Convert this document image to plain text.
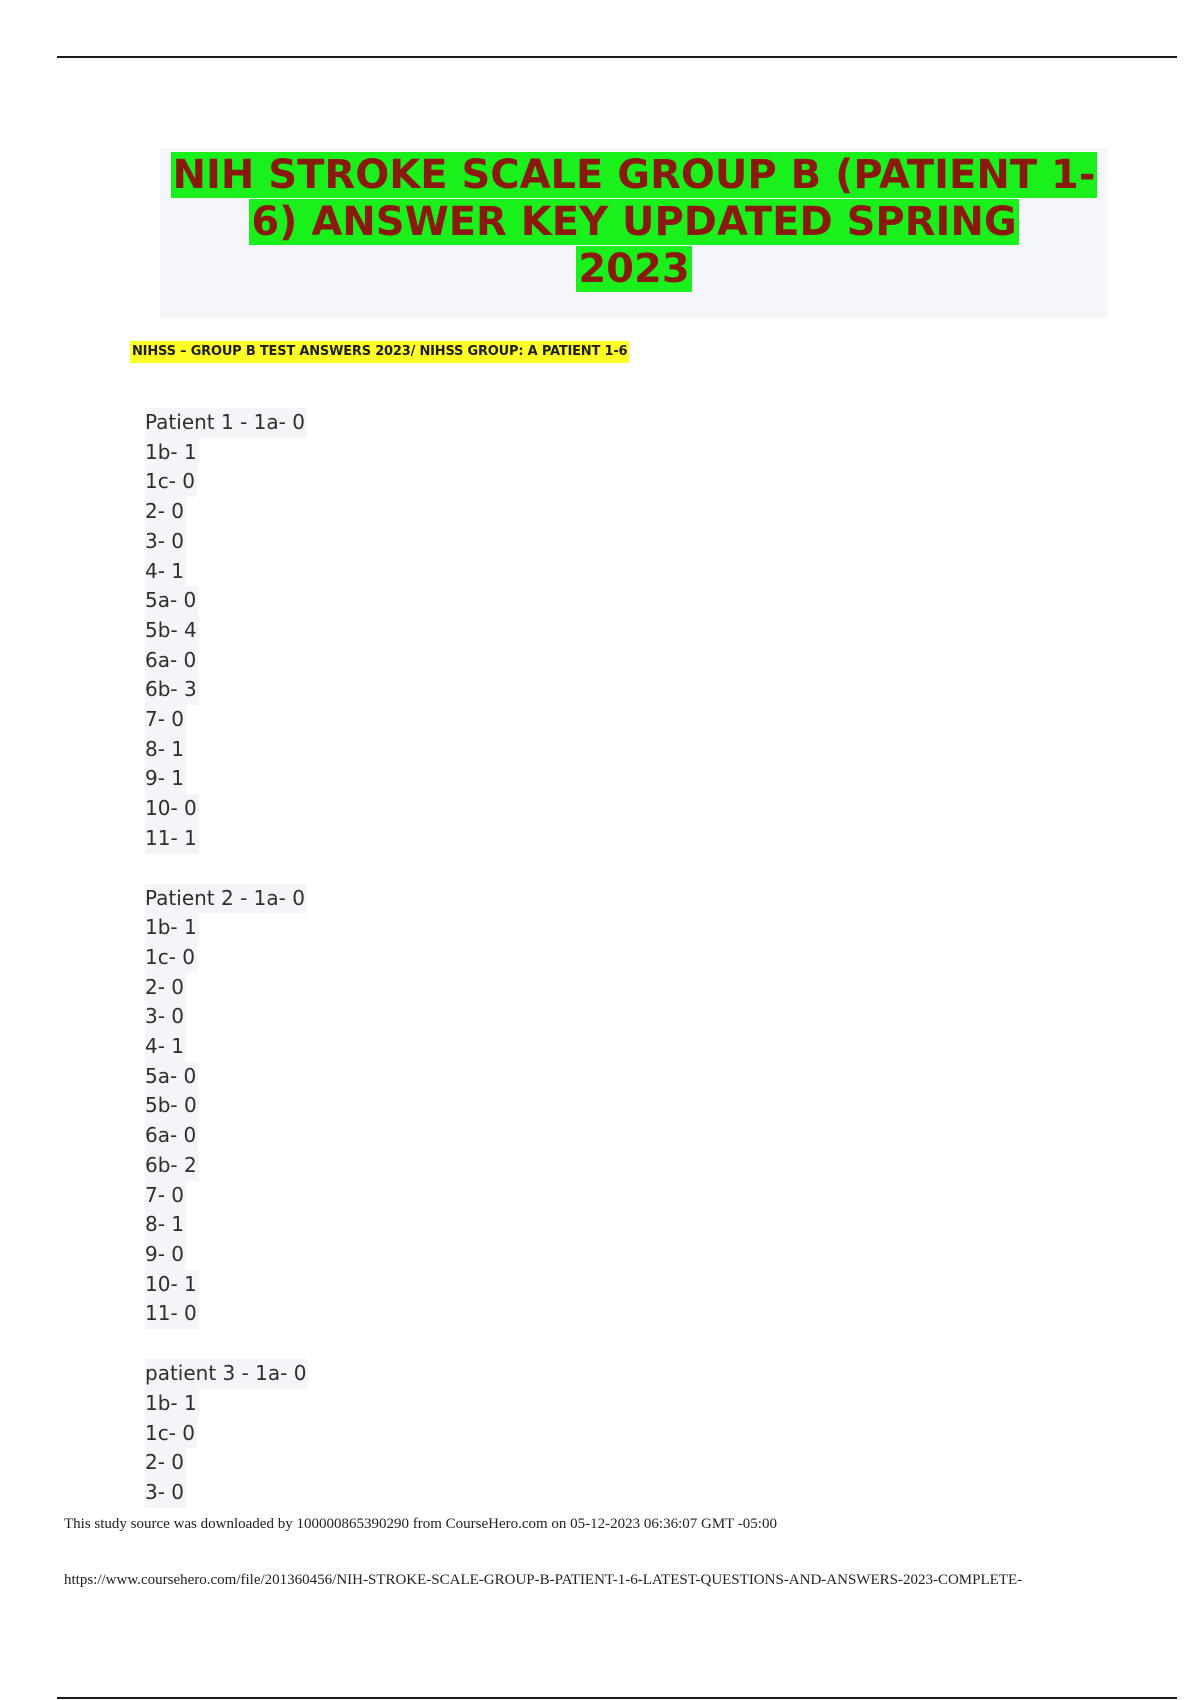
NIH STROKE SCALE GROUP B (PATIENT 1-
6) ANSWER KEY UPDATED SPRING
2023
NIHSS – GROUP B TEST ANSWERS 2023/ NIHSS GROUP: A PATIENT 1-6
Patient 1 - 1a- 0
1b- 1
1c- 0
2- 0
3- 0
4- 1
5a- 0
5b- 4
6a- 0
6b- 3
7- 0
8- 1
9- 1
10- 0
11- 1
Patient 2 - 1a- 0
1b- 1
1c- 0
2- 0
3- 0
4- 1
5a- 0
5b- 0
6a- 0
6b- 2
7- 0
8- 1
9- 0
10- 1
11- 0
patient 3 - 1a- 0
1b- 1
1c- 0
2- 0
3- 0
This study source was downloaded by 100000865390290 from CourseHero.com on 05-12-2023 06:36:07 GMT -05:00
https://www.coursehero.com/file/201360456/NIH-STROKE-SCALE-GROUP-B-PATIENT-1-6-LATEST-QUESTIONS-AND-ANSWERS-2023-COMPLETE-
